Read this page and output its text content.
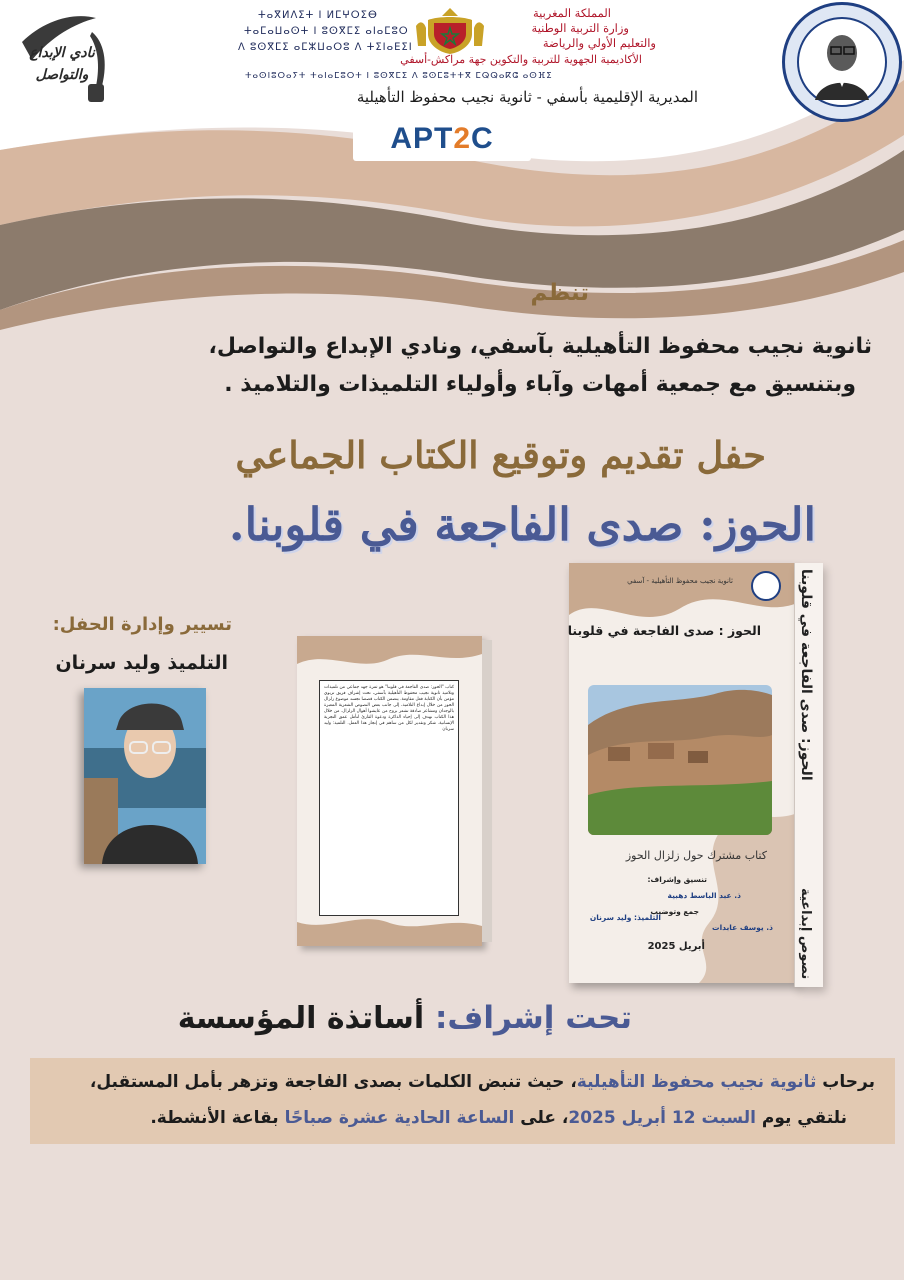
نادي الإبداع والتواصل
ⵜⴰⴳⵍⴷⵉⵜ ⵏ ⵍⵎⵖⵔⵉⴱ
ⵜⴰⵎⴰⵡⴰⵙⵜ ⵏ ⵓⵙⴳⵎⵉ ⴰⵏⴰⵎⵓⵔ
ⴷ ⵓⵙⴳⵎⵉ ⴰⵎⵣⵡⴰⵔⵓ ⴷ ⵜⵉⵏⴰⴹⵉⵏ
ⵜⴰⵙⵏⵓⵔⴰⵢⵜ ⵜⴰⵏⴰⵎⵓⵔⵜ ⵏ ⵓⵙⴳⵎⵉ ⴷ ⵓⵙⵎⵓⵜⵜⴳ ⵎⵕⵕⴰⴽⵛ ⴰⵙⴼⵉ
المملكة المغربية
وزارة التربية الوطنية
والتعليم الأولي والرياضة
الأكاديمية الجهوية للتربية والتكوين جهة مراكش-أسفي
المديرية الإقليمية بأسفي - ثانوية نجيب محفوظ التأهيلية
APT2C
تنظم
ثانوية نجيب محفوظ التأهيلية بآسفي، ونادي الإبداع والتواصل،
وبتنسيق مع جمعية أمهات وآباء وأولياء التلميذات والتلاميذ .
حفل تقديم وتوقيع الكتاب الجماعي
الحوز: صدى الفاجعة في قلوبنا.
تسيير وإدارة الحفل:
التلميذ وليد سرنان
كتاب "الحوز: صدى الفاجعة في قلوبنا" هو ثمرة جهد جماعي من تلميذات وتلاميذ ثانوية نجيب محفوظ التأهيلية بآسفي، تحت إشراف فريق تربوي مؤمن بأن الكتابة فعل مقاومة. يتضمن الكتاب قصصا تجسد موضوع زلزال الحوز من خلال إبداع التلاميذ، إلى جانب بعض النصوص الشعرية المعبرة بالوجدان ومشاعر صادقة تشعر بروح من عايشوا أهوال الزلزال. من خلال هذا الكتاب نهدف إلى إحياء الذاكرة ودعوة القارئ لتأمل عمق التجربة الإنسانية. شكر وتقدير لكل من ساهم في إنجاز هذا العمل. التلميذ: وليد سرنان
ثانوية نجيب محفوظ التأهيلية - آسفي
الحوز : صدى الفاجعة في قلوبنا
كتاب مشترك حول زلزال الحوز
تنسيق وإشراف:
ذ. عبد الباسط دهبية
جمع وتوضيب
ذ. يوسف عابدات
التلميذ: وليد سرنان
أبريل 2025
الحوز: صدى الفاجعة في قلوبنا
نصوص إبداعية
تحت إشراف: أساتذة المؤسسة
برحاب ثانوية نجيب محفوظ التأهيلية، حيث تنبض الكلمات بصدى الفاجعة وتزهر بأمل المستقبل،
نلتقي يوم السبت 12 أبريل 2025، على الساعة الحادية عشرة صباحًا بقاعة الأنشطة.
